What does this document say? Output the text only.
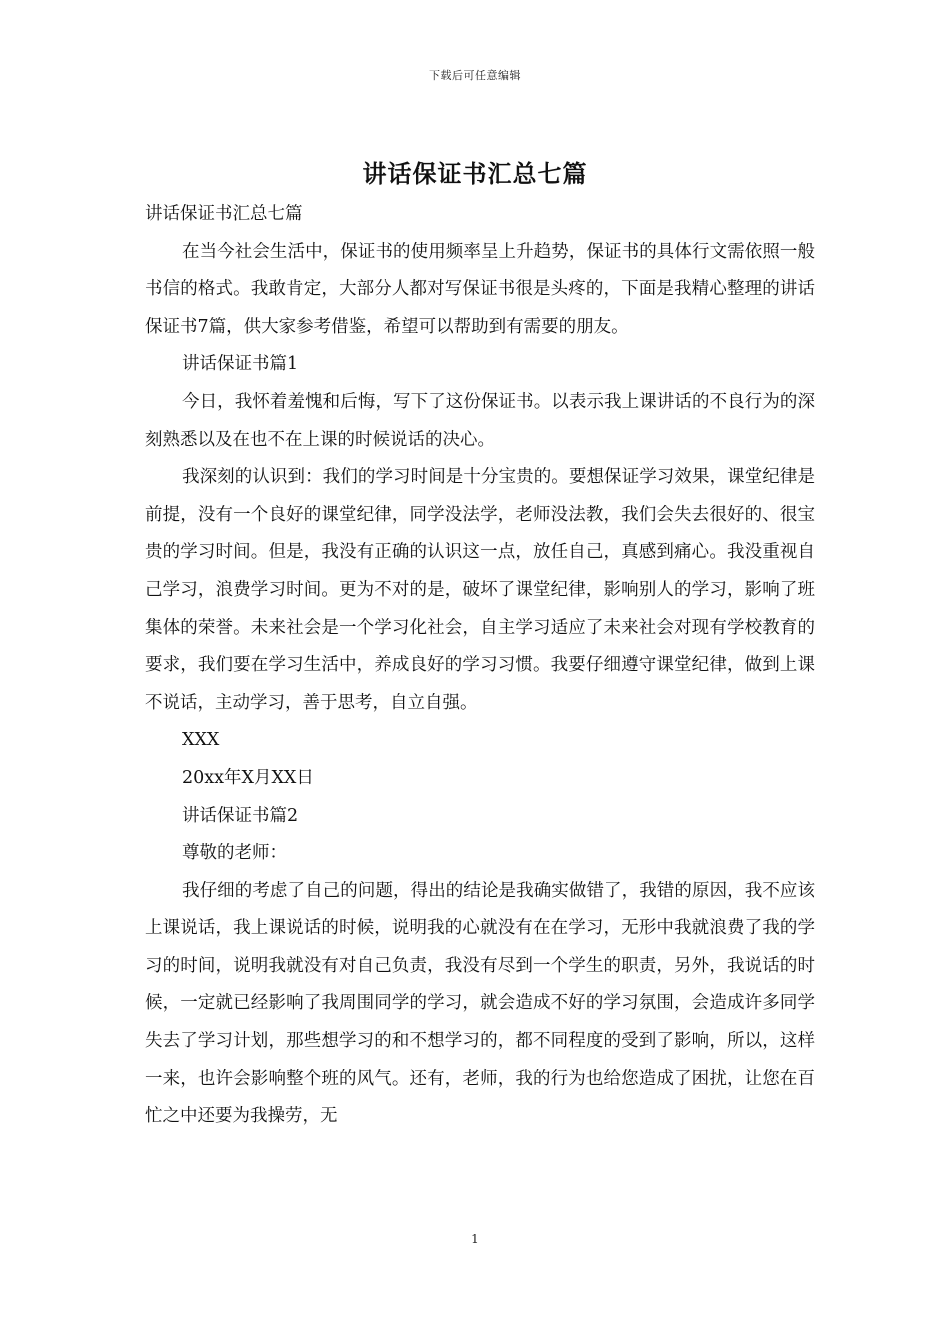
下载后可任意编辑
讲话保证书汇总七篇

讲话保证书汇总七篇

在当今社会生活中，保证书的使用频率呈上升趋势，保证书的具体行文需依照一般书信的格式。我敢肯定，大部分人都对写保证书很是头疼的，下面是我精心整理的讲话保证书7篇，供大家参考借鉴，希望可以帮助到有需要的朋友。

讲话保证书篇1

今日，我怀着羞愧和后悔，写下了这份保证书。以表示我上课讲话的不良行为的深刻熟悉以及在也不在上课的时候说话的决心。

我深刻的认识到：我们的学习时间是十分宝贵的。要想保证学习效果，课堂纪律是前提，没有一个良好的课堂纪律，同学没法学，老师没法教，我们会失去很好的、很宝贵的学习时间。但是，我没有正确的认识这一点，放任自己，真感到痛心。我没重视自己学习，浪费学习时间。更为不对的是，破坏了课堂纪律，影响别人的学习，影响了班集体的荣誉。未来社会是一个学习化社会，自主学习适应了未来社会对现有学校教育的要求，我们要在学习生活中，养成良好的学习习惯。我要仔细遵守课堂纪律，做到上课不说话，主动学习，善于思考，自立自强。

XXX

20xx年X月XX日

讲话保证书篇2

尊敬的老师：

我仔细的考虑了自己的问题，得出的结论是我确实做错了，我错的原因，我不应该上课说话，我上课说话的时候，说明我的心就没有在在学习，无形中我就浪费了我的学习的时间，说明我就没有对自己负责，我没有尽到一个学生的职责，另外，我说话的时候，一定就已经影响了我周围同学的学习，就会造成不好的学习氛围，会造成许多同学失去了学习计划，那些想学习的和不想学习的，都不同程度的受到了影响，所以，这样一来，也许会影响整个班的风气。还有，老师，我的行为也给您造成了困扰，让您在百忙之中还要为我操劳，无

1
